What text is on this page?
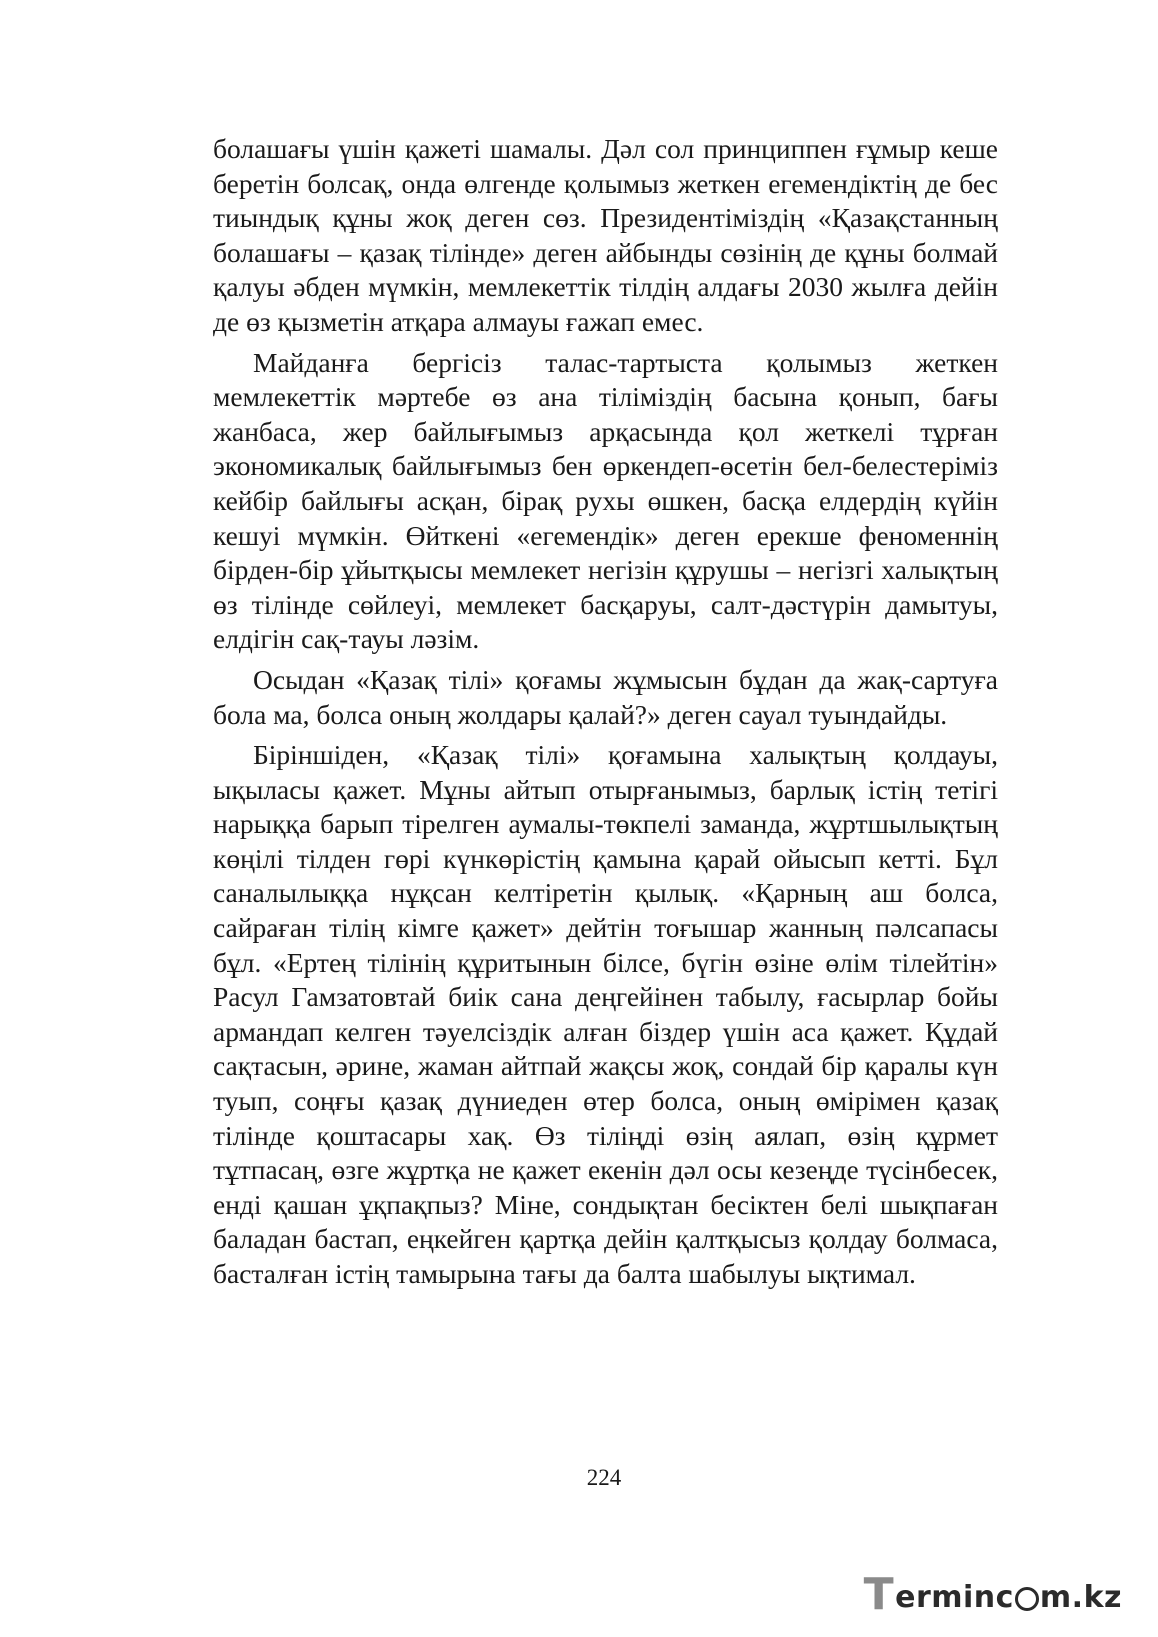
болашағы үшін қажеті шамалы. Дәл сол принциппен ғұмыр кеше беретін болсақ, онда өлгенде қолымыз жеткен егемендіктің де бес тиындық құны жоқ деген сөз. Президентіміздің «Қазақстанның болашағы – қазақ тілінде» деген айбынды сөзінің де құны болмай қалуы әбден мүмкін, мемлекеттік тілдің алдағы 2030 жылға дейін де өз қызметін атқара алмауы ғажап емес.

Майданға бергісіз талас-тартыста қолымыз жеткен мемлекеттік мәртебе өз ана тіліміздің басына қонып, бағы жанбаса, жер байлығымыз арқасында қол жеткелі тұрған экономикалық байлығымыз бен өркендеп-өсетін бел-белестеріміз кейбір байлығы асқан, бірақ рухы өшкен, басқа елдердің күйін кешуі мүмкін. Өйткені «егемендік» деген ерекше феноменнің бірден-бір ұйытқысы мемлекет негізін құрушы – негізгі халықтың өз тілінде сөйлеуі, мемлекет басқаруы, салт-дәстүрін дамытуы, елдігін сақ-тауы ләзім.

Осыдан «Қазақ тілі» қоғамы жұмысын бұдан да жақ-сартуға бола ма, болса оның жолдары қалай?» деген сауал туындайды.

Біріншіден, «Қазақ тілі» қоғамына халықтың қолдауы, ықыласы қажет. Мұны айтып отырғанымыз, барлық істің тетігі нарыққа барып тірелген аумалы-төкпелі заманда, жұртшылықтың көңілі тілден гөрі күнкөрістің қамына қарай ойысып кетті. Бұл саналылыққа нұқсан келтіретін қылық. «Қарның аш болса, сайраған тілің кімге қажет» дейтін тоғышар жанның пәлсапасы бұл. «Ертең тілінің құритынын білсе, бүгін өзіне өлім тілейтін» Расул Гамзатовтай биік сана деңгейінен табылу, ғасырлар бойы армандап келген тәуелсіздік алған біздер үшін аса қажет. Құдай сақтасын, әрине, жаман айтпай жақсы жоқ, сондай бір қаралы күн туып, соңғы қазақ дүниеден өтер болса, оның өмірімен қазақ тілінде қоштасары хақ. Өз тіліңді өзің аялап, өзің құрмет тұтпасаң, өзге жұртқа не қажет екенін дәл осы кезеңде түсінбесек, енді қашан ұқпақпыз? Міне, сондықтан бесіктен белі шықпаған баладан бастап, еңкейген қартқа дейін қалтқысыз қолдау болмаса, басталған істің тамырына тағы да балта шабылуы ықтимал.

224
T erminc m.kz
